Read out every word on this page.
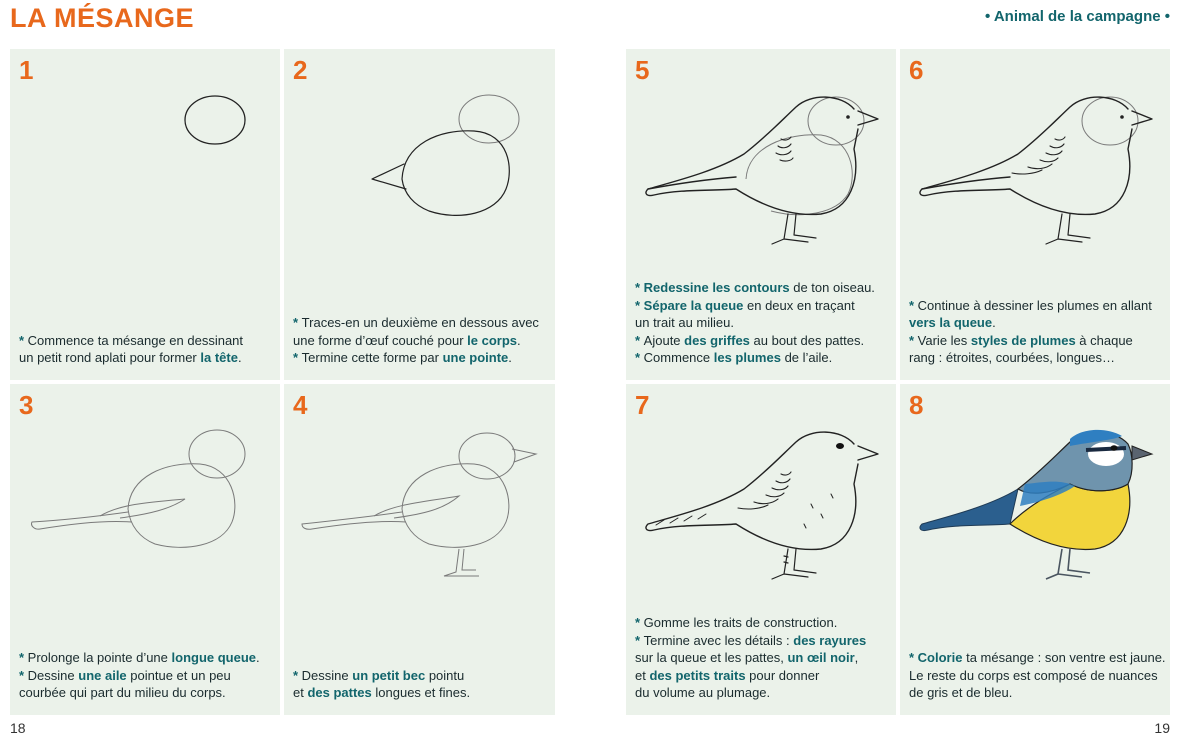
LA MÉSANGE	• Animal de la campagne •
1
* Commence ta mésange en dessinant
un petit rond aplati pour former la tête.
2
* Traces-en un deuxième en dessous avec
une forme d’œuf couché pour le corps.
* Termine cette forme par une pointe.
3
* Prolonge la pointe d’une longue queue.
* Dessine une aile pointue et un peu
courbée qui part du milieu du corps.
4
* Dessine un petit bec pointu
et des pattes longues et fines.
5
* Redessine les contours de ton oiseau.
* Sépare la queue en deux en traçant
un trait au milieu.
* Ajoute des griffes au bout des pattes.
* Commence les plumes de l’aile.
6
* Continue à dessiner les plumes en allant
vers la queue.
* Varie les styles de plumes à chaque
rang : étroites, courbées, longues…
7
* Gomme les traits de construction.
* Termine avec les détails : des rayures
sur la queue et les pattes, un œil noir,
et des petits traits pour donner
du volume au plumage.
8
* Colorie ta mésange : son ventre est jaune.
Le reste du corps est composé de nuances
de gris et de bleu.
18	19
